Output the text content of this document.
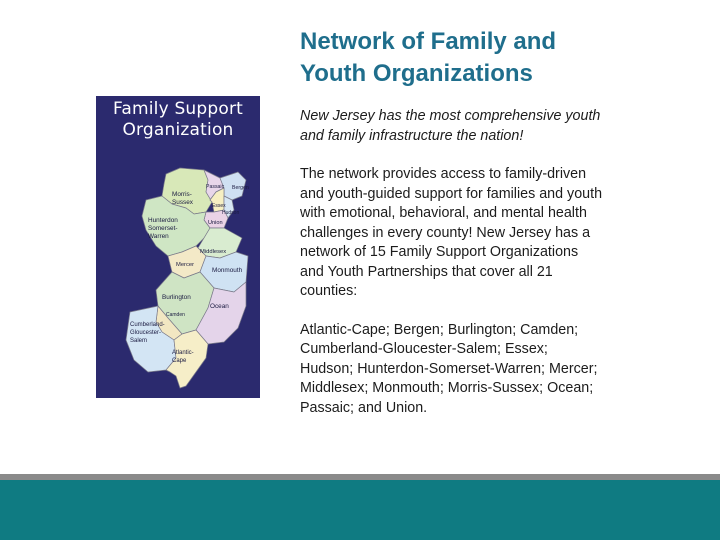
Passaic Bergen
Morris-
Sussex	Essex
Hudson
Union
Hunterdon
Somerset-
Warren
Middlesex
Mercer
Monmouth
Burlington
Ocean
Camden
Cumberland-
Gloucester-
Salem
Atlantic-
Cape
Family Support
Organization
Network of Family and
Youth Organizations
New Jersey has the most comprehensive youth
and family infrastructure the nation!
The network provides access to family-driven
and youth-guided support for families and youth
with emotional, behavioral, and mental health
challenges in every county! New Jersey has a
network of 15 Family Support Organizations
and Youth Partnerships that cover all 21
counties:
Atlantic-Cape; Bergen; Burlington; Camden;
Cumberland-Gloucester-Salem; Essex;
Hudson; Hunterdon-Somerset-Warren; Mercer;
Middlesex; Monmouth; Morris-Sussex; Ocean;
Passaic; and Union.
